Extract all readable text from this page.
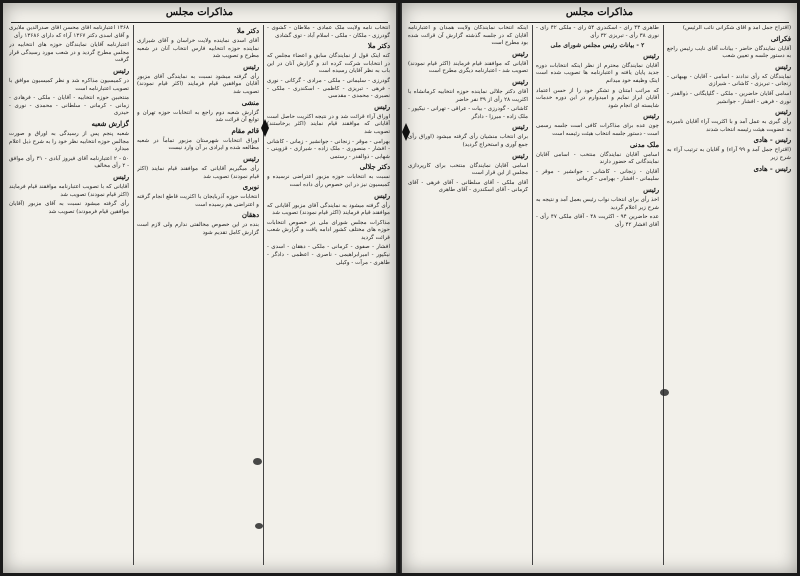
مذاکرات مجلس

۱۳۶۸ اعتبارنامه آقای محسن آقای صدرالدین ملایری و آقای اسدی دکتر ۱۳۶۷ آراء که دارای ۱۳۶۸۶ رأی

اعتبارنامه آقایان نمایندگان حوزه های انتخابیه در مجلس مطرح گردید و در شعب مورد رسیدگی قرار گرفت

رئیس

در کمیسیون مذاکره شد و نظر کمیسیون موافق با تصویب اعتبارنامه است

منتخبین حوزه انتخابیه - آقایان - ملکی - فرهادی - زمانی - کرمانی - سلطانی - محمدی - نوری - حیدری

گزارش شعبه

شعبه پنجم پس از رسیدگی به اوراق و صورت مجالس حوزه انتخابیه نظر خود را به شرح ذیل اعلام میدارد

۵۰ - ۲ اعتبارنامه آقای فیروز آبادی - ۳۱ رأی موافق - ۲ رأی مخالف

رئیس

آقایانی که با تصویب اعتبارنامه موافقند قیام فرمایند (اکثر قیام نمودند) تصویب شد

رأی گرفته میشود نسبت به آقای مزبور (آقایان موافقین قیام فرمودند) تصویب شد

دکتر ملا

آقای اسدی نماینده ولایت خراسان و آقای شیرازی نماینده حوزه انتخابیه فارس انتخاب آنان در شعبه مطرح و تصویب شد

رئیس

رأی گرفته میشود نسبت به نمایندگی آقای مزبور آقایان موافقین قیام فرمایند (اکثر قیام نمودند) تصویب شد

منشی

گزارش شعبه دوم راجع به انتخابات حوزه تهران و توابع آن قرائت شد

قائم مقام

اوراق انتخابات شهرستان مزبور تماماً در شعبه مطالعه شده و ایرادی بر آن وارد نیست

رئیس

رأی میگیریم آقایانی که موافقند قیام نمایند (اکثر قیام نمودند) تصویب شد

نوبری

انتخابات حوزه آذربایجان با اکثریت قاطع انجام گرفته و اعتراضی هم رسیده است

دهقان

بنده در این خصوص مخالفتی ندارم ولی لازم است گزارش کامل تقدیم شود

انتخاب نامه ولایت ملک عمادی - ملاطان - گشوی - گودرزی - ملکان - ملکی - اسلام آباد - توی گشادی

دکتر ملا

کنه اینک قول از نمایندگان سابق و اعضاء مجلس که در انتخابات شرکت کرده اند و گزارش آنان در این باب به نظر آقایان رسیده است

گودرزی - سلیمانی - ملکی - مرادی - گرکانی - نوری - فرهی - تبریزی - کاظمی - اسکندری - ملکی - نصیری - محمدی - مقدسی

رئیس

اوراق آراء قرائت شد و در نتیجه اکثریت حاصل است آقایانی که موافقند قیام نمایند (اکثر برخاستند) تصویب شد

بهرامی - موقر - زنجانی - جوانشیر - زمانی - کاشانی - افشار - منصوری - ملک زاده - شیرازی - قزوینی - شهابی - ذوالقدر - رستمی

دکتر جلالی

نسبت به انتخابات حوزه مزبور اعتراضی نرسیده و کمیسیون نیز در این خصوص رأی داده است

رئیس

رأی گرفته میشود به نمایندگی آقای مزبور آقایانی که موافقند قیام فرمایند (اکثر قیام نمودند) تصویب شد

مذاکرات مجلس شورای ملی در خصوص انتخابات حوزه های مختلف کشور ادامه یافت و گزارش شعب قرائت گردید

افشار - صفوی - کرمانی - ملکی - دهقان - اسدی - نیکپور - امیرابراهیمی - ناصری - اعظمی - دادگر - طاهری - مرآت - وکیلی

مذاکرات مجلس

اینکه انتخاب نمایندگان ولایت همدان و اعتبارنامه آقایان که در جلسه گذشته گزارش آن قرائت شده بود مطرح است

رئیس

آقایانی که موافقند قیام فرمایند (اکثر قیام نمودند) تصویب شد - اعتبارنامه دیگری مطرح است

رئیس

آقای دکتر جلالی نماینده حوزه انتخابیه کرمانشاه با اکثریت ۲۸ رأی از ۳۹ نفر حاضر

کاشانی - گودرزی - بیات - عراقی - تهرانی - نیکپور - ملک زاده - میرزا - دادگر

رئیس

برای انتخاب منشیان رأی گرفته میشود (اوراق رأی جمع آوری و استخراج گردید)

رئیس

اسامی آقایان نمایندگان منتخب برای کارپردازی مجلس از این قرار است

آقای ملکی - آقای سلطانی - آقای فرهی - آقای کرمانی - آقای اسکندری - آقای طاهری

طاهری ۴۳ رأی - اسکندری ۵۴ رأی - ملکی ۴۲ رأی - نوری ۳۸ رأی - تبریزی ۳۲ رأی

۲ - بیانات رئیس مجلس شورای ملی

رئیس

آقایان نمایندگان محترم از نظر اینکه انتخابات دوره جدید پایان یافته و اعتبارنامه ها تصویب شده است اینک وظیفه خود میدانم

که مراتب امتنان و تشکر خود را از حسن اعتماد آقایان ابراز نمایم و امیدوارم در این دوره خدمات شایسته ای انجام شود

رئیس

چون عده برای مذاکرات کافی است جلسه رسمی است - دستور جلسه انتخاب هیئت رئیسه است

ملک مدنی

اسامی آقایان نمایندگان منتخب - اسامی آقایان نمایندگانی که حضور دارند

آقایان - زنجانی - کاشانی - جوانشیر - موقر - سلیمانی - افشار - بهرامی - کرمانی

رئیس

اخذ رأی برای انتخاب نواب رئیس بعمل آمد و نتیجه به شرح زیر اعلام گردید

عده حاضرین ۹۴ - اکثریت ۴۸ - آقای ملکی ۴۷ رأی - آقای افشار ۴۲ رأی

(اقتراح جمل آمد و آقای شکرانی نائب الرئیس)

فکرائی

آقایان نمایندگان حاضر - بیانات آقای نایب رئیس راجع به دستور جلسه و تعیین شعب

رئیس

نمایندگان که رأی ندادند - اسامی - آقایان - بهبهانی - زنجانی - تبریزی - کاشانی - شیرازی

اسامی آقایان حاضرین - ملکی - گلپایگانی - ذوالقدر - نوری - فرهی - افشار - جوانشیر

رئیس

رأی گیری به عمل آمد و با اکثریت آراء آقایان نامبرده به عضویت هیئت رئیسه انتخاب شدند

رئیس - هادی

(اقتراح جمل آمد و ۹۹ آراء) و آقایان به ترتیب آراء به شرح زیر

رئیس - هادی
